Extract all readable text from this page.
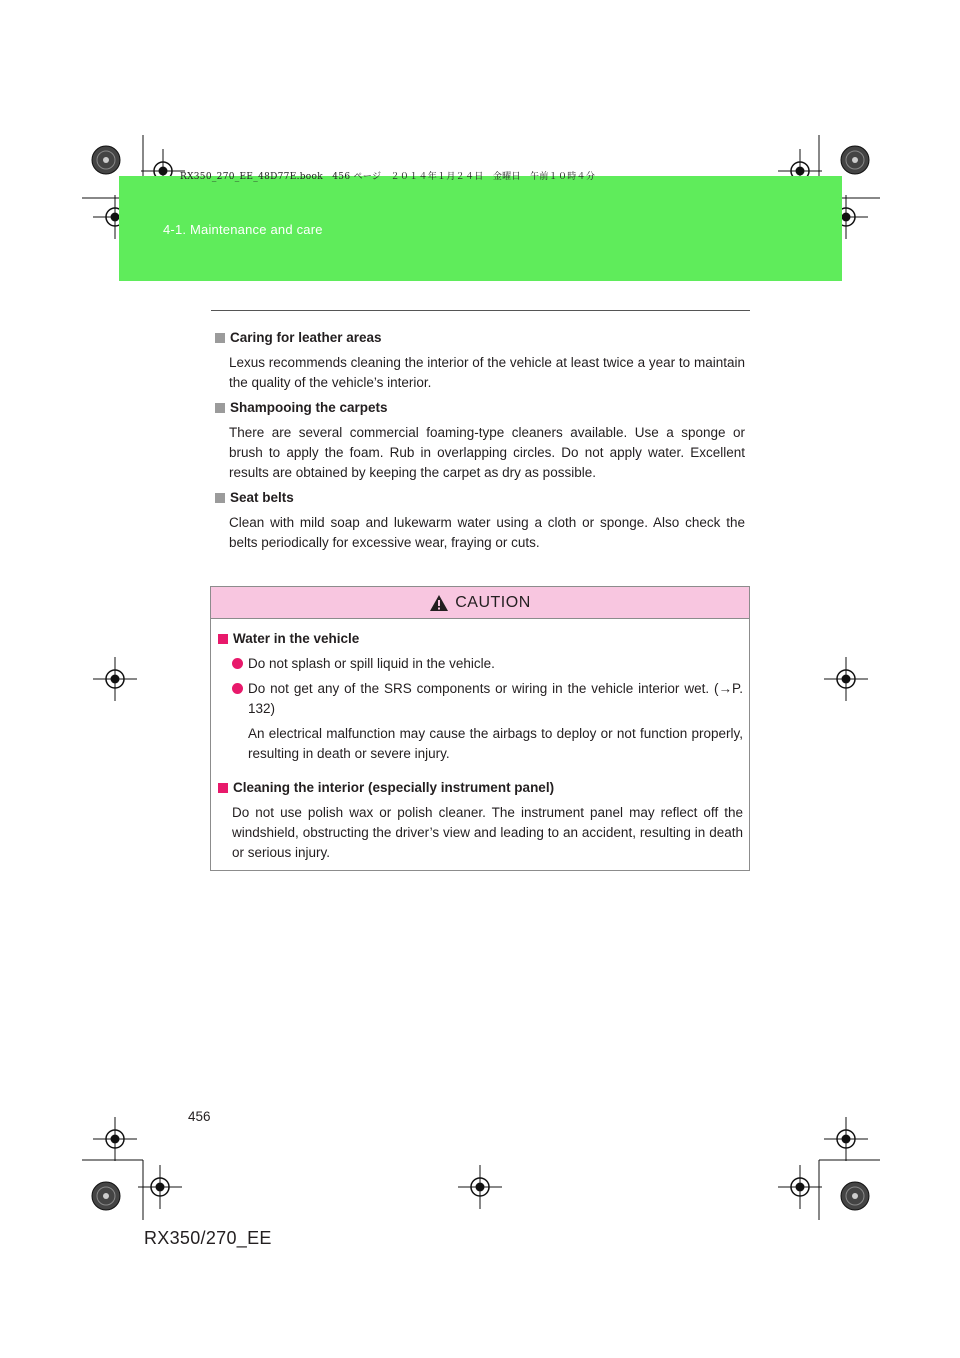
RX350_270_EE_48D77E.book　456 ページ　２０１４年１月２４日　金曜日　午前１０時４分
4-1. Maintenance and care

Caring for leather areas

Lexus recommends cleaning the interior of the vehicle at least twice a year to maintain the quality of the vehicle’s interior.

Shampooing the carpets

There are several commercial foaming-type cleaners available. Use a sponge or brush to apply the foam. Rub in overlapping circles. Do not apply water. Excellent results are obtained by keeping the carpet as dry as possible.

Seat belts

Clean with mild soap and lukewarm water using a cloth or sponge. Also check the belts periodically for excessive wear, fraying or cuts.

CAUTION

Water in the vehicle

Do not splash or spill liquid in the vehicle.
Do not get any of the SRS components or wiring in the vehicle interior wet. (→P. 132)

An electrical malfunction may cause the airbags to deploy or not function properly, resulting in death or severe injury.

Cleaning the interior (especially instrument panel)

Do not use polish wax or polish cleaner. The instrument panel may reflect off the windshield, obstructing the driver’s view and leading to an accident, resulting in death or serious injury.

456
RX350/270_EE
